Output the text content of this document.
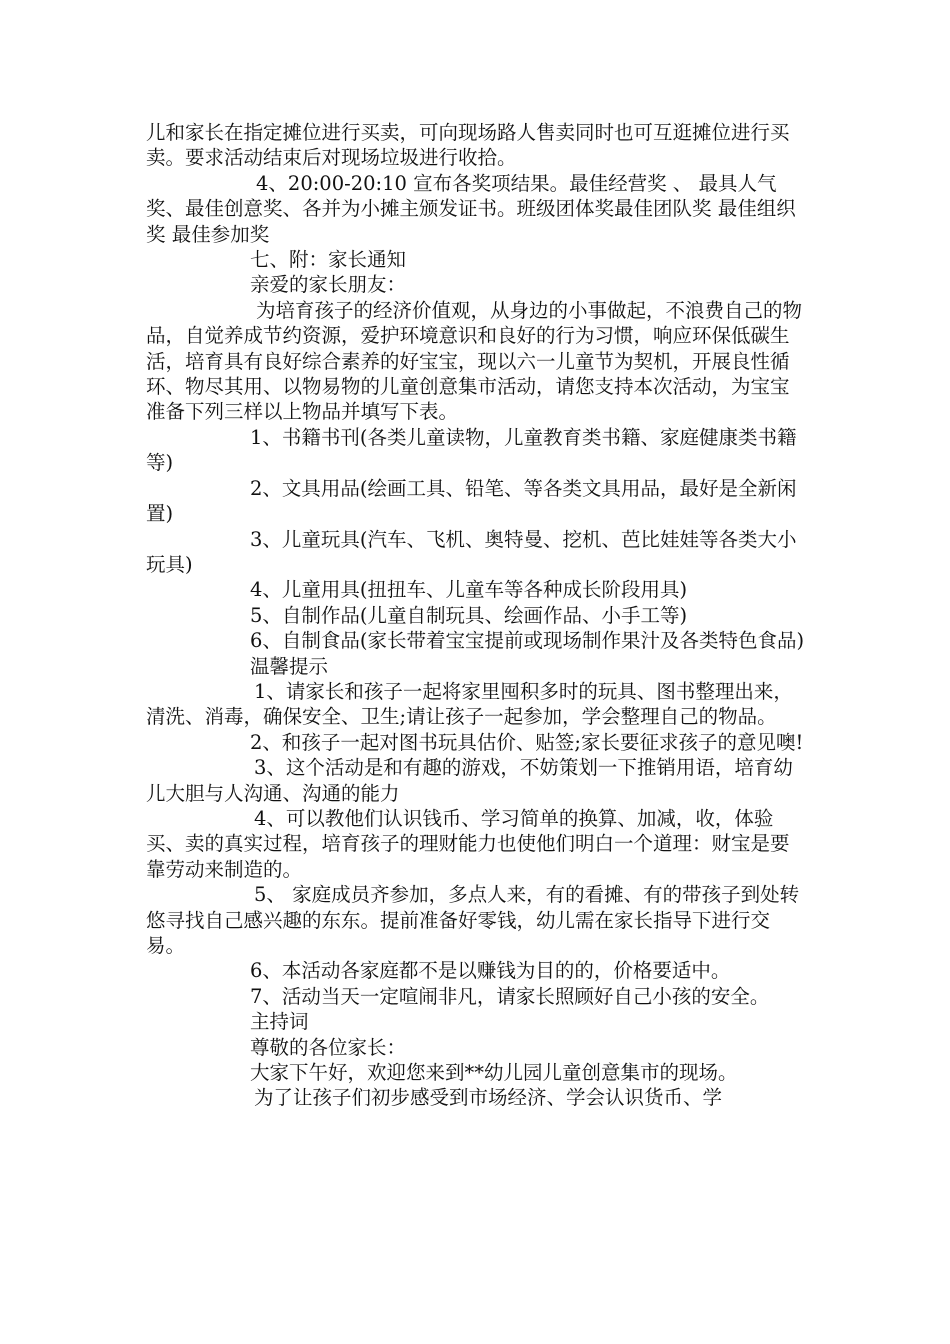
儿和家长在指定摊位进行买卖，可向现场路人售卖同时也可互逛摊位进行买卖。要求活动结束后对现场垃圾进行收拾。

4、20:00-20:10 宣布各奖项结果。最佳经营奖 、 最具人气奖、最佳创意奖、各并为小摊主颁发证书。班级团体奖最佳团队奖 最佳组织奖 最佳参加奖

七、附：家长通知

亲爱的家长朋友：

为培育孩子的经济价值观，从身边的小事做起，不浪费自己的物品，自觉养成节约资源，爱护环境意识和良好的行为习惯，响应环保低碳生活，培育具有良好综合素养的好宝宝，现以六一儿童节为契机，开展良性循环、物尽其用、以物易物的儿童创意集市活动，请您支持本次活动，为宝宝准备下列三样以上物品并填写下表。

1、书籍书刊(各类儿童读物，儿童教育类书籍、家庭健康类书籍等)

2、文具用品(绘画工具、铅笔、等各类文具用品，最好是全新闲置)

3、儿童玩具(汽车、飞机、奥特曼、挖机、芭比娃娃等各类大小玩具)

4、儿童用具(扭扭车、儿童车等各种成长阶段用具)

5、自制作品(儿童自制玩具、绘画作品、小手工等)

6、自制食品(家长带着宝宝提前或现场制作果汁及各类特色食品)

温馨提示

1、请家长和孩子一起将家里囤积多时的玩具、图书整理出来，清洗、消毒，确保安全、卫生;请让孩子一起参加，学会整理自己的物品。

2、和孩子一起对图书玩具估价、贴签;家长要征求孩子的意见噢!

3、这个活动是和有趣的游戏，不妨策划一下推销用语，培育幼儿大胆与人沟通、沟通的能力

4、可以教他们认识钱币、学习简单的换算、加减，收，体验买、卖的真实过程，培育孩子的理财能力也使他们明白一个道理：财宝是要靠劳动来制造的。

5、 家庭成员齐参加，多点人来，有的看摊、有的带孩子到处转悠寻找自己感兴趣的东东。提前准备好零钱，幼儿需在家长指导下进行交易。

6、本活动各家庭都不是以赚钱为目的的，价格要适中。

7、活动当天一定喧闹非凡，请家长照顾好自己小孩的安全。

主持词

尊敬的各位家长：

大家下午好，欢迎您来到**幼儿园儿童创意集市的现场。

为了让孩子们初步感受到市场经济、学会认识货币、学
